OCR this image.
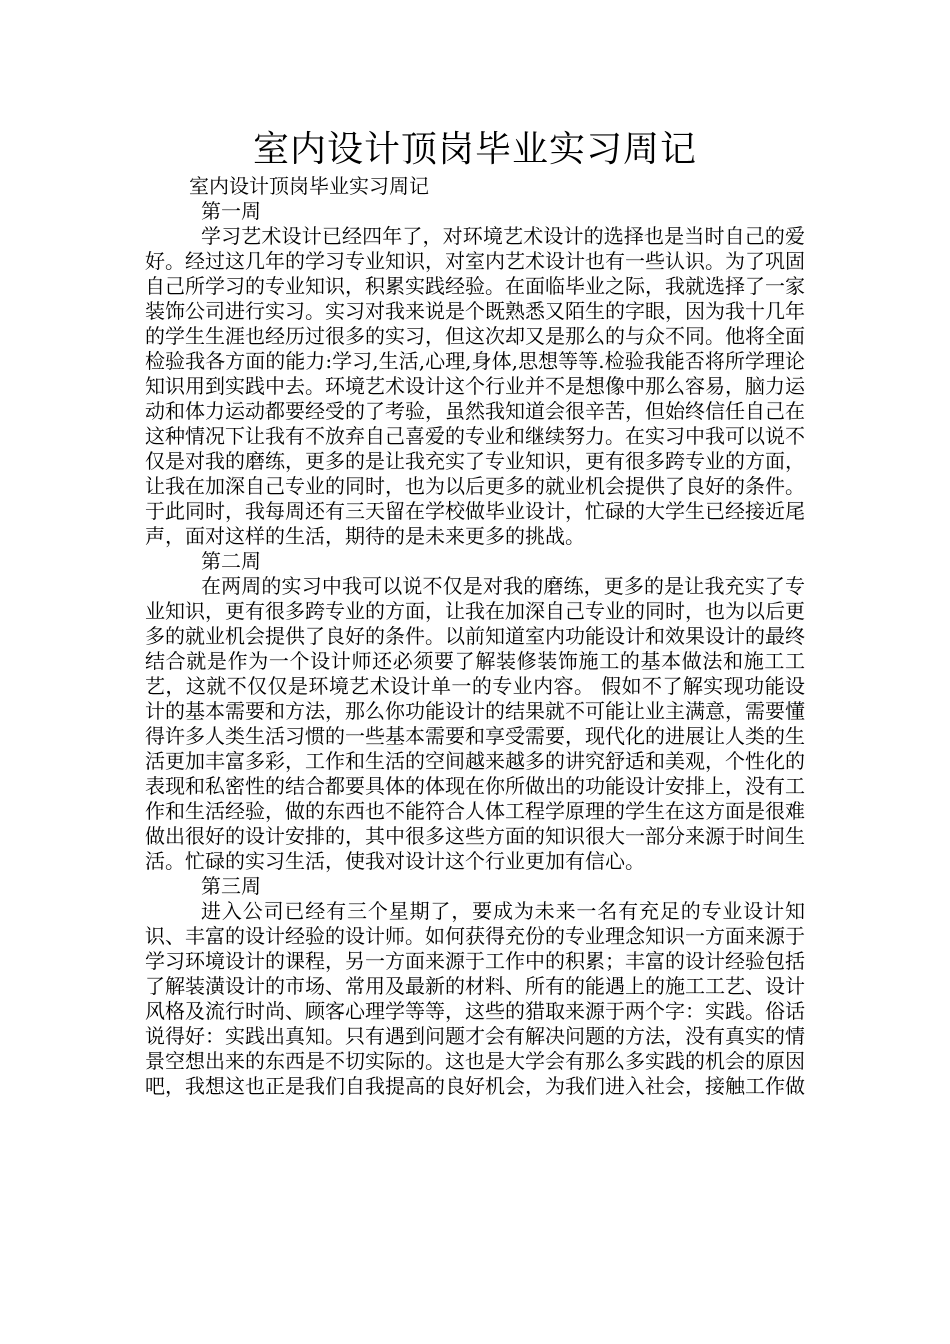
室内设计顶岗毕业实习周记

室内设计顶岗毕业实习周记

第一周

学习艺术设计已经四年了，对环境艺术设计的选择也是当时自己的爱好。经过这几年的学习专业知识，对室内艺术设计也有一些认识。为了巩固自己所学习的专业知识，积累实践经验。在面临毕业之际，我就选择了一家装饰公司进行实习。实习对我来说是个既熟悉又陌生的字眼，因为我十几年的学生生涯也经历过很多的实习，但这次却又是那么的与众不同。他将全面检验我各方面的能力:学习,生活,心理,身体,思想等等.检验我能否将所学理论知识用到实践中去。环境艺术设计这个行业并不是想像中那么容易，脑力运动和体力运动都要经受的了考验，虽然我知道会很辛苦，但始终信任自己在这种情况下让我有不放弃自己喜爱的专业和继续努力。在实习中我可以说不仅是对我的磨练，更多的是让我充实了专业知识，更有很多跨专业的方面，让我在加深自己专业的同时，也为以后更多的就业机会提供了良好的条件。 于此同时，我每周还有三天留在学校做毕业设计，忙碌的大学生已经接近尾声，面对这样的生活，期待的是未来更多的挑战。

第二周

在两周的实习中我可以说不仅是对我的磨练，更多的是让我充实了专业知识，更有很多跨专业的方面，让我在加深自己专业的同时，也为以后更多的就业机会提供了良好的条件。以前知道室内功能设计和效果设计的最终结合就是作为一个设计师还必须要了解装修装饰施工的基本做法和施工工艺，这就不仅仅是环境艺术设计单一的专业内容。 假如不了解实现功能设计的基本需要和方法，那么你功能设计的结果就不可能让业主满意，需要懂得许多人类生活习惯的一些基本需要和享受需要，现代化的进展让人类的生活更加丰富多彩，工作和生活的空间越来越多的讲究舒适和美观，个性化的表现和私密性的结合都要具体的体现在你所做出的功能设计安排上，没有工作和生活经验，做的东西也不能符合人体工程学原理的学生在这方面是很难做出很好的设计安排的，其中很多这些方面的知识很大一部分来源于时间生活。忙碌的实习生活，使我对设计这个行业更加有信心。

第三周

进入公司已经有三个星期了，要成为未来一名有充足的专业设计知识、丰富的设计经验的设计师。如何获得充份的专业理念知识一方面来源于学习环境设计的课程，另一方面来源于工作中的积累；丰富的设计经验包括了解装潢设计的市场、常用及最新的材料、所有的能遇上的施工工艺、设计风格及流行时尚、顾客心理学等等，这些的猎取来源于两个字：实践。俗话说得好：实践出真知。只有遇到问题才会有解决问题的方法，没有真实的情景空想出来的东西是不切实际的。这也是大学会有那么多实践的机会的原因吧，我想这也正是我们自我提高的良好机会，为我们进入社会，接触工作做
